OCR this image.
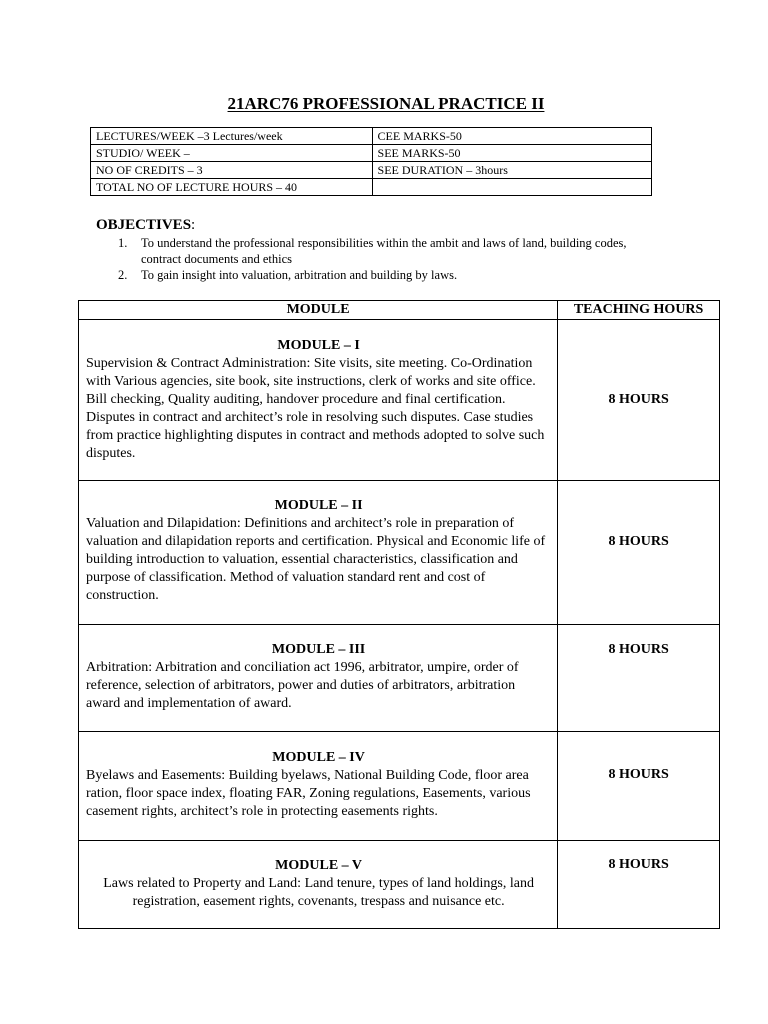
21ARC76 PROFESSIONAL PRACTICE II
LECTURES/WEEK –3 Lectures/week	CEE MARKS-50
STUDIO/ WEEK –	SEE MARKS-50
NO OF CREDITS – 3	SEE DURATION – 3hours
TOTAL NO OF LECTURE HOURS – 40	

OBJECTIVES:

1. To understand the professional responsibilities within the ambit and laws of land, building codes, contract documents and ethics
2. To gain insight into valuation, arbitration and building by laws.
MODULE	TEACHING HOURS

MODULE – I
Supervision & Contract Administration: Site visits, site meeting. Co-Ordination with Various agencies, site book, site instructions, clerk of works and site office. Bill checking, Quality auditing, handover procedure and final certification. Disputes in contract and architect’s role in resolving such disputes. Case studies from practice highlighting disputes in contract and methods adopted to solve such disputes.	8 HOURS

MODULE – II
Valuation and Dilapidation: Definitions and architect’s role in preparation of valuation and dilapidation reports and certification. Physical and Economic life of building introduction to valuation, essential characteristics, classification and purpose of classification. Method of valuation standard rent and cost of construction.	8 HOURS

MODULE – III
Arbitration: Arbitration and conciliation act 1996, arbitrator, umpire, order of reference, selection of arbitrators, power and duties of arbitrators, arbitration award and implementation of award.	8 HOURS

MODULE – IV
Byelaws and Easements: Building byelaws, National Building Code, floor area ration, floor space index, floating FAR, Zoning regulations, Easements, various casement rights, architect’s role in protecting easements rights.	8 HOURS

MODULE – V
Laws related to Property and Land: Land tenure, types of land holdings, land registration, easement rights, covenants, trespass and nuisance etc.	8 HOURS
